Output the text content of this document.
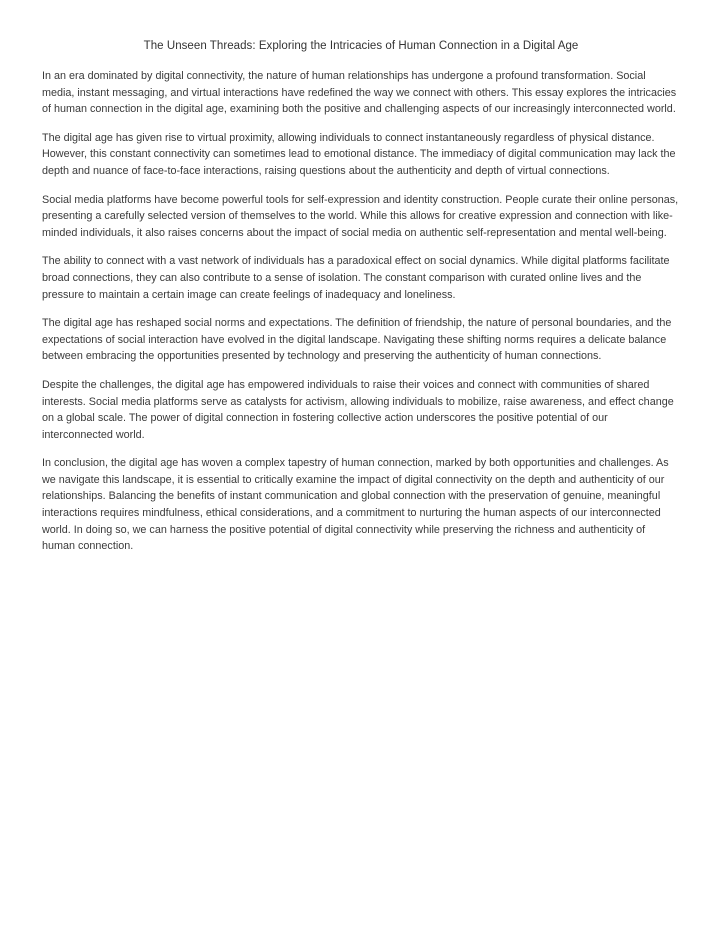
The Unseen Threads: Exploring the Intricacies of Human Connection in a Digital Age

In an era dominated by digital connectivity, the nature of human relationships has undergone a profound transformation. Social media, instant messaging, and virtual interactions have redefined the way we connect with others. This essay explores the intricacies of human connection in the digital age, examining both the positive and challenging aspects of our increasingly interconnected world.

The digital age has given rise to virtual proximity, allowing individuals to connect instantaneously regardless of physical distance. However, this constant connectivity can sometimes lead to emotional distance. The immediacy of digital communication may lack the depth and nuance of face-to-face interactions, raising questions about the authenticity and depth of virtual connections.

Social media platforms have become powerful tools for self-expression and identity construction. People curate their online personas, presenting a carefully selected version of themselves to the world. While this allows for creative expression and connection with like-minded individuals, it also raises concerns about the impact of social media on authentic self-representation and mental well-being.

The ability to connect with a vast network of individuals has a paradoxical effect on social dynamics. While digital platforms facilitate broad connections, they can also contribute to a sense of isolation. The constant comparison with curated online lives and the pressure to maintain a certain image can create feelings of inadequacy and loneliness.

The digital age has reshaped social norms and expectations. The definition of friendship, the nature of personal boundaries, and the expectations of social interaction have evolved in the digital landscape. Navigating these shifting norms requires a delicate balance between embracing the opportunities presented by technology and preserving the authenticity of human connections.

Despite the challenges, the digital age has empowered individuals to raise their voices and connect with communities of shared interests. Social media platforms serve as catalysts for activism, allowing individuals to mobilize, raise awareness, and effect change on a global scale. The power of digital connection in fostering collective action underscores the positive potential of our interconnected world.

In conclusion, the digital age has woven a complex tapestry of human connection, marked by both opportunities and challenges. As we navigate this landscape, it is essential to critically examine the impact of digital connectivity on the depth and authenticity of our relationships. Balancing the benefits of instant communication and global connection with the preservation of genuine, meaningful interactions requires mindfulness, ethical considerations, and a commitment to nurturing the human aspects of our interconnected world. In doing so, we can harness the positive potential of digital connectivity while preserving the richness and authenticity of human connection.
